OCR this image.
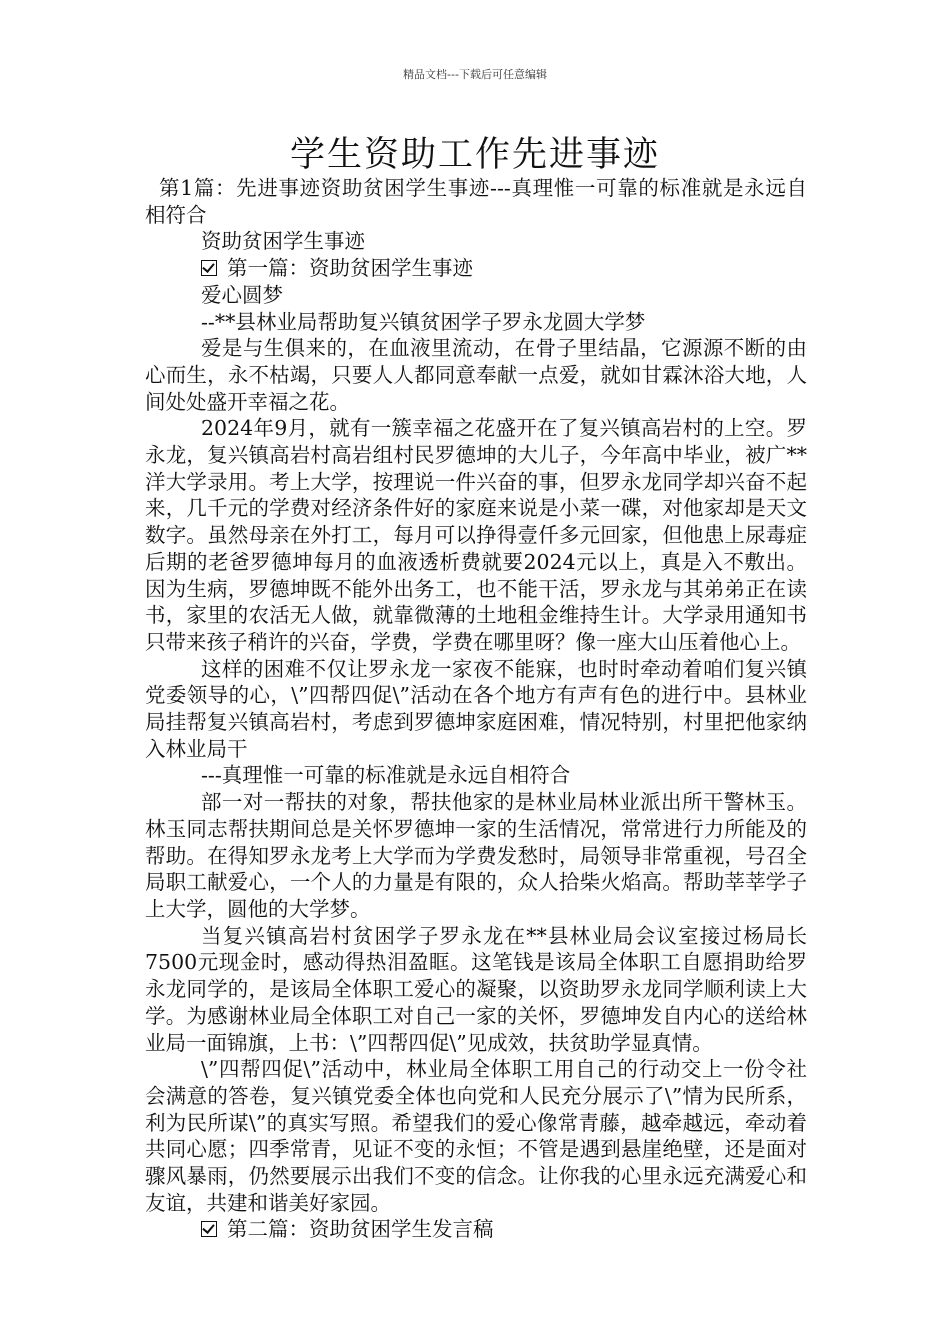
精品文档---下载后可任意编辑
学生资助工作先进事迹

第1篇：先进事迹资助贫困学生事迹---真理惟一可靠的标准就是永远自相符合

资助贫困学生事迹

第一篇：资助贫困学生事迹

爱心圆梦

--**县林业局帮助复兴镇贫困学子罗永龙圆大学梦

爱是与生俱来的，在血液里流动，在骨子里结晶，它源源不断的由心而生，永不枯竭，只要人人都同意奉献一点爱，就如甘霖沐浴大地，人间处处盛开幸福之花。

2024年9月，就有一簇幸福之花盛开在了复兴镇高岩村的上空。罗永龙，复兴镇高岩村高岩组村民罗德坤的大儿子，今年高中毕业，被广**洋大学录用。考上大学，按理说一件兴奋的事，但罗永龙同学却兴奋不起来，几千元的学费对经济条件好的家庭来说是小菜一碟，对他家却是天文数字。虽然母亲在外打工，每月可以挣得壹仟多元回家，但他患上尿毒症后期的老爸罗德坤每月的血液透析费就要2024元以上，真是入不敷出。因为生病，罗德坤既不能外出务工，也不能干活，罗永龙与其弟弟正在读书，家里的农活无人做，就靠微薄的土地租金维持生计。大学录用通知书只带来孩子稍许的兴奋，学费，学费在哪里呀？像一座大山压着他心上。

这样的困难不仅让罗永龙一家夜不能寐，也时时牵动着咱们复兴镇党委领导的心，\”四帮四促\”活动在各个地方有声有色的进行中。县林业局挂帮复兴镇高岩村，考虑到罗德坤家庭困难，情况特别，村里把他家纳入林业局干

---真理惟一可靠的标准就是永远自相符合

部一对一帮扶的对象，帮扶他家的是林业局林业派出所干警林玉。林玉同志帮扶期间总是关怀罗德坤一家的生活情况，常常进行力所能及的帮助。在得知罗永龙考上大学而为学费发愁时，局领导非常重视，号召全局职工献爱心，一个人的力量是有限的，众人拾柴火焰高。帮助莘莘学子上大学，圆他的大学梦。

当复兴镇高岩村贫困学子罗永龙在**县林业局会议室接过杨局长7500元现金时，感动得热泪盈眶。这笔钱是该局全体职工自愿捐助给罗永龙同学的，是该局全体职工爱心的凝聚，以资助罗永龙同学顺利读上大学。为感谢林业局全体职工对自己一家的关怀，罗德坤发自内心的送给林业局一面锦旗，上书：\”四帮四促\”见成效，扶贫助学显真情。

\”四帮四促\”活动中，林业局全体职工用自己的行动交上一份令社会满意的答卷，复兴镇党委全体也向党和人民充分展示了\”情为民所系，利为民所谋\”的真实写照。希望我们的爱心像常青藤，越牵越远，牵动着共同心愿；四季常青，见证不变的永恒；不管是遇到悬崖绝壁，还是面对骤风暴雨，仍然要展示出我们不变的信念。让你我的心里永远充满爱心和友谊，共建和谐美好家园。

第二篇：资助贫困学生发言稿
